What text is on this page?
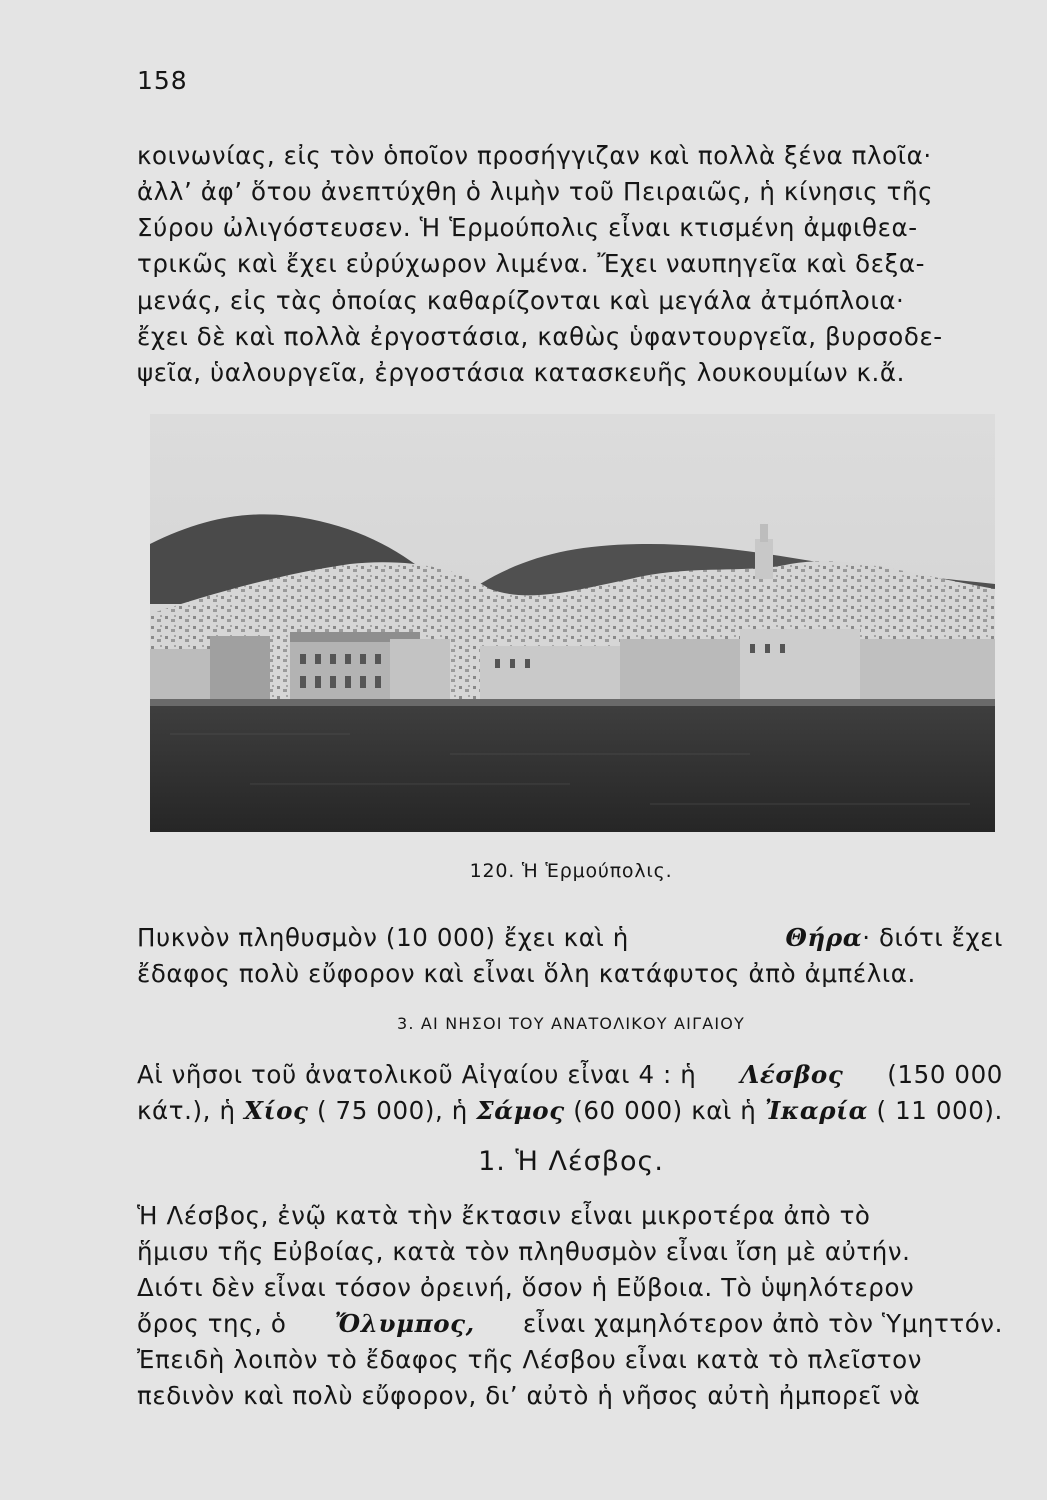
158
κοινωνίας, εἰς τὸν ὁποῖον προσήγγιζαν καὶ πολλὰ ξένα πλοῖα·
ἀλλ’ ἀφ’ ὅτου ἀνεπτύχθη ὁ λιμὴν τοῦ Πειραιῶς, ἡ κίνησις τῆς
Σύρου ὠλιγόστευσεν. Ἡ Ἑρμούπολις εἶναι κτισμένη ἀμφιθεα-
τρικῶς καὶ ἔχει εὐρύχωρον λιμένα. Ἔχει ναυπηγεῖα καὶ δεξα-
μενάς, εἰς τὰς ὁποίας καθαρίζονται καὶ μεγάλα ἀτμόπλοια·
ἔχει δὲ καὶ πολλὰ ἐργοστάσια, καθὼς ὑφαντουργεῖα, βυρσοδε-
ψεῖα, ὑαλουργεῖα, ἐργοστάσια κατασκευῆς λουκουμίων κ.ἄ.
120. Ἡ Ἑρμούπολις.
Πυκνὸν πληθυσμὸν (10 000) ἔχει καὶ ἡ	Θήρα· διότι ἔχει
ἔδαφος πολὺ εὔφορον καὶ εἶναι ὅλη κατάφυτος ἀπὸ ἀμπέλια.
3. ΑΙ ΝΗΣΟΙ ΤΟΥ ΑΝΑΤΟΛΙΚΟΥ ΑΙΓΑΙΟΥ
Αἱ νῆσοι τοῦ ἀνατολικοῦ Αἰγαίου εἶναι 4 : ἡ Λέσβος (150 000
κάτ.), ἡ Χίος ( 75 000), ἡ Σάμος (60 000) καὶ ἡ Ἰκαρία ( 11 000).
1. Ἡ Λέσβος.
Ἡ Λέσβος, ἐνῷ κατὰ τὴν ἔκτασιν εἶναι μικροτέρα ἀπὸ τὸ
ἥμισυ τῆς Εὐβοίας, κατὰ τὸν πληθυσμὸν εἶναι ἴση μὲ αὐτήν.
Διότι δὲν εἶναι τόσον ὀρεινή, ὅσον ἡ Εὔβοια. Τὸ ὑψηλότερον
ὄρος της, ὁ Ὄλυμπος, εἶναι χαμηλότερον ἀπὸ τὸν Ὑμηττόν.
Ἐπειδὴ λοιπὸν τὸ ἔδαφος τῆς Λέσβου εἶναι κατὰ τὸ πλεῖστον
πεδινὸν καὶ πολὺ εὔφορον, δι’ αὐτὸ ἡ νῆσος αὐτὴ ἠμπορεῖ νὰ
